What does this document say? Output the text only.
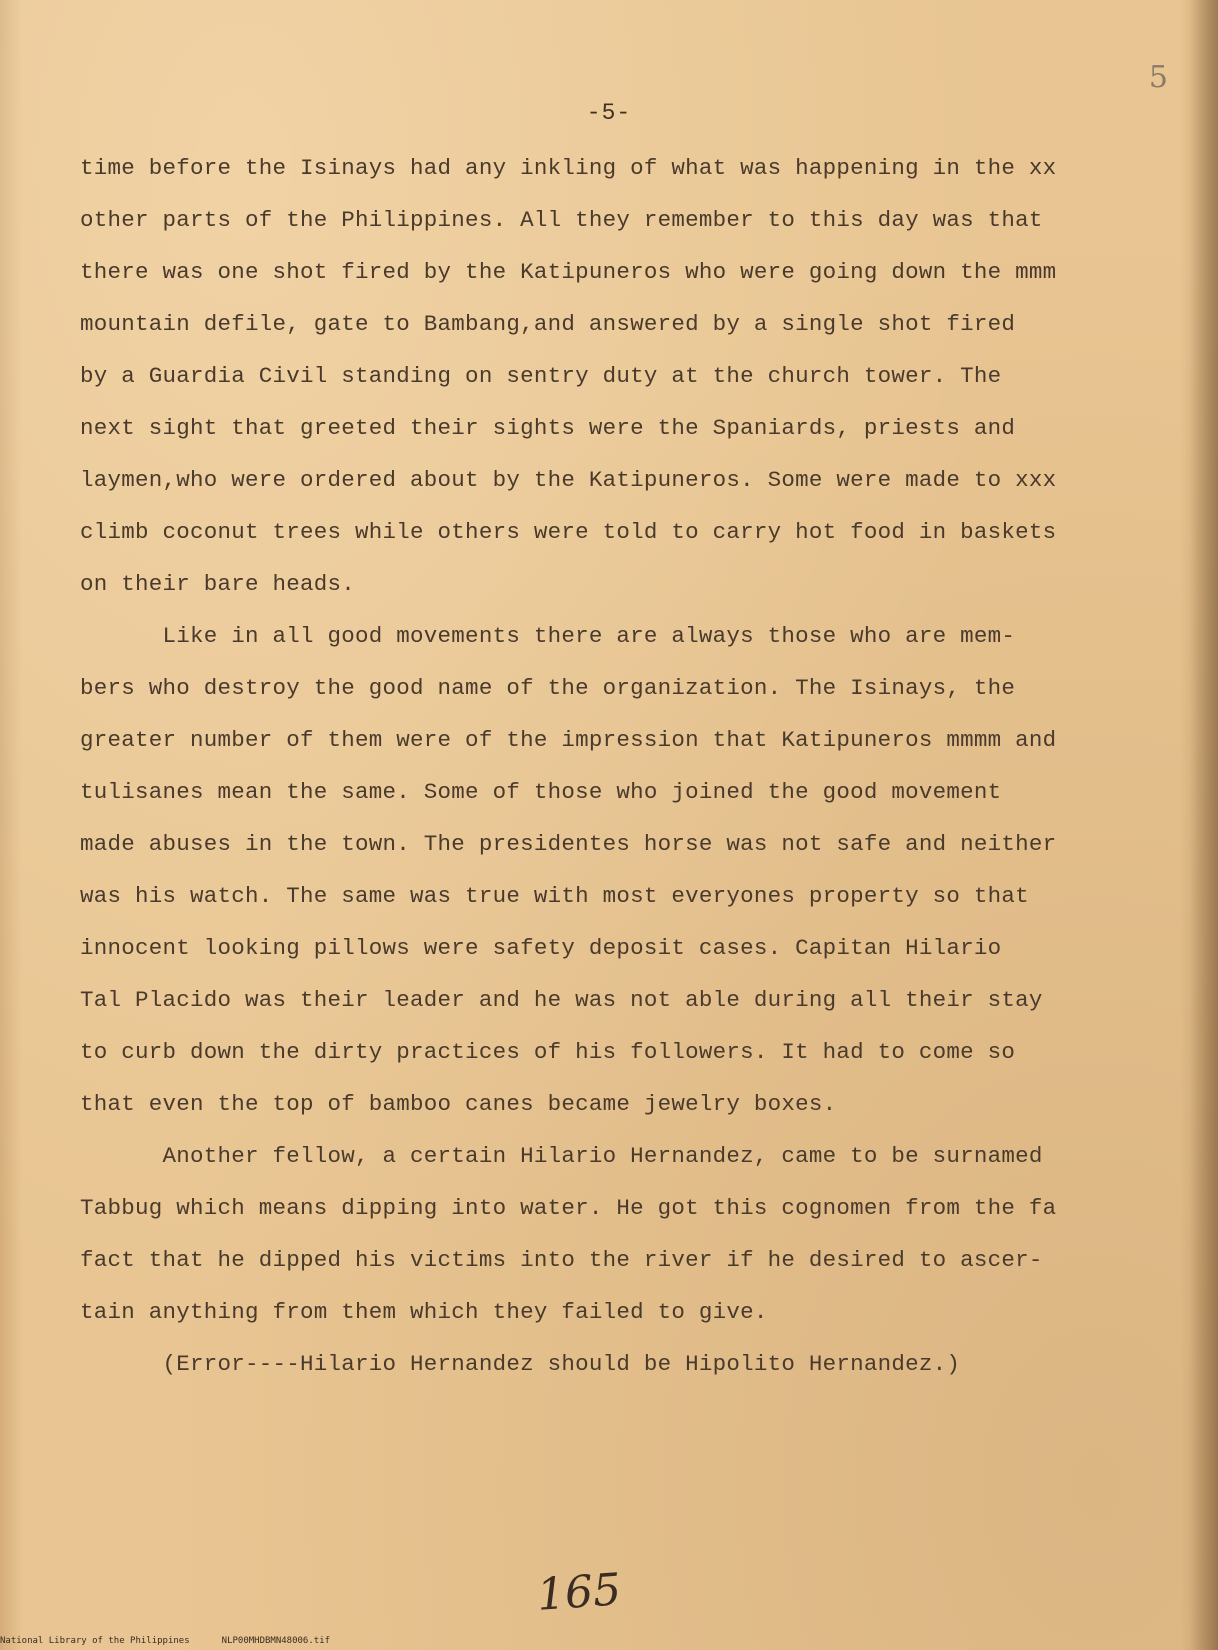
5
-5-
time before the Isinays had any inkling of what was happening in the xx
other parts of the Philippines. All they remember to this day was that
there was one shot fired by the Katipuneros who were going down the mmm
mountain defile, gate to Bambang,and answered by a single shot fired
by a Guardia Civil standing on sentry duty at the church tower. The
next sight that greeted their sights were the Spaniards, priests and
laymen,who were ordered about by the Katipuneros. Some were made to xxx
climb coconut trees while others were told to carry hot food in baskets
on their bare heads.
Like in all good movements there are always those who are mem-
bers who destroy the good name of the organization. The Isinays, the
greater number of them were of the impression that Katipuneros mmmm and
tulisanes mean the same. Some of those who joined the good movement
made abuses in the town. The presidentes horse was not safe and neither
was his watch. The same was true with most everyones property so that
innocent looking pillows were safety deposit cases. Capitan Hilario
Tal Placido was their leader and he was not able during all their stay
to curb down the dirty practices of his followers. It had to come so
that even the top of bamboo canes became jewelry boxes.
Another fellow, a certain Hilario Hernandez, came to be surnamed
Tabbug which means dipping into water. He got this cognomen from the fa
fact that he dipped his victims into the river if he desired to ascer-
tain anything from them which they failed to give.
(Error----Hilario Hernandez should be Hipolito Hernandez.)
165
National Library of the Philippines	NLP00MHDBMN48006.tif
